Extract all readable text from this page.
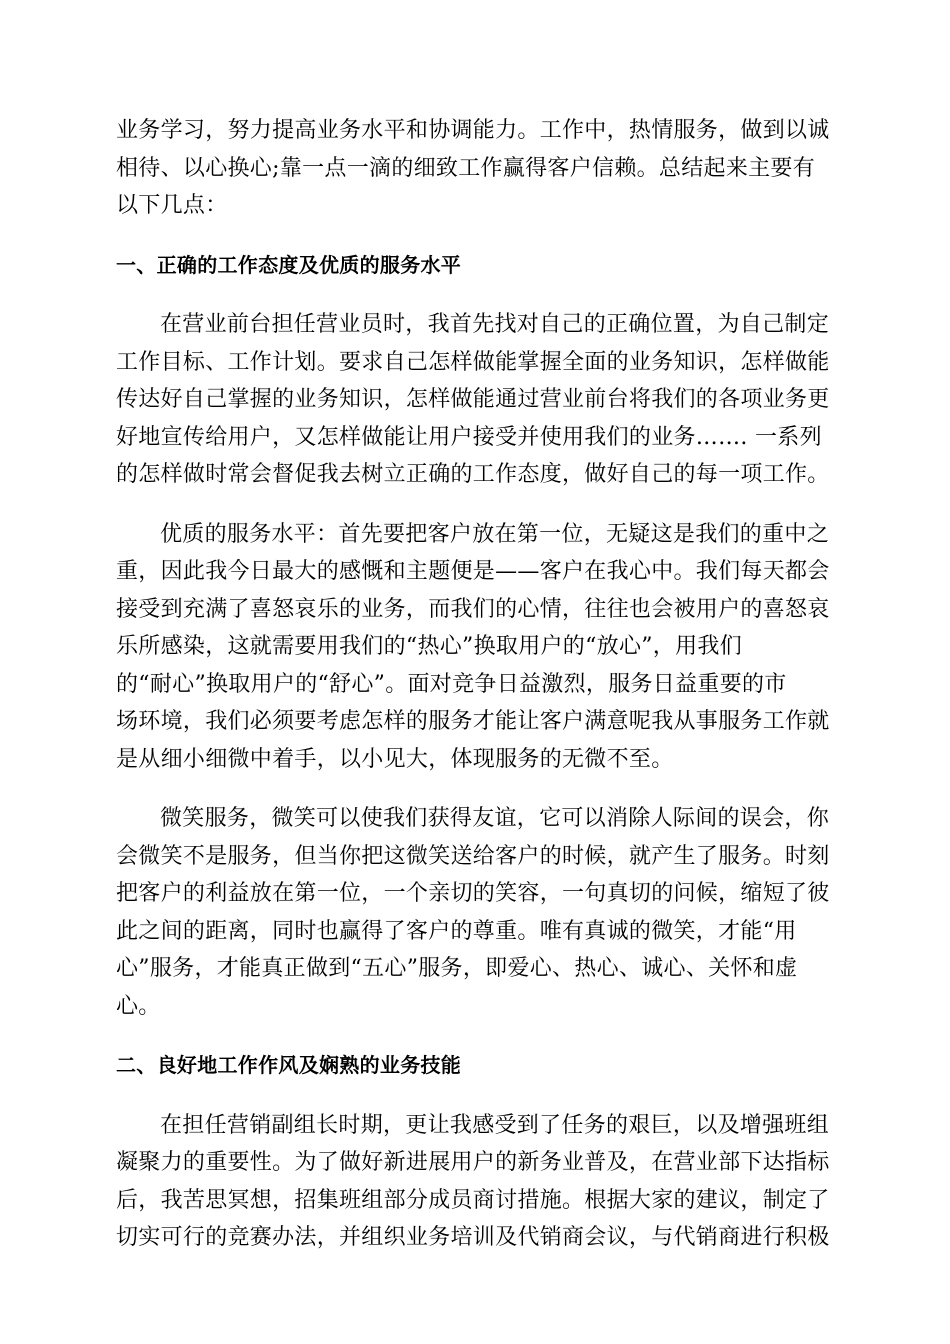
业务学习，努力提高业务水平和协调能力。工作中，热情服务，做到以诚
相待、以心换心;靠一点一滴的细致工作赢得客户信赖。总结起来主要有
以下几点：
一、正确的工作态度及优质的服务水平
在营业前台担任营业员时，我首先找对自己的正确位置，为自己制定
工作目标、工作计划。要求自己怎样做能掌握全面的业务知识，怎样做能
传达好自己掌握的业务知识，怎样做能通过营业前台将我们的各项业务更
好地宣传给用户，又怎样做能让用户接受并使用我们的业务……. 一系列
的怎样做时常会督促我去树立正确的工作态度，做好自己的每一项工作。
优质的服务水平：首先要把客户放在第一位，无疑这是我们的重中之
重，因此我今日最大的感慨和主题便是——客户在我心中。我们每天都会
接受到充满了喜怒哀乐的业务，而我们的心情，往往也会被用户的喜怒哀
乐所感染，这就需要用我们的“热心”换取用户的“放心”，用我们
的“耐心”换取用户的“舒心”。面对竞争日益激烈，服务日益重要的市
场环境，我们必须要考虑怎样的服务才能让客户满意呢我从事服务工作就
是从细小细微中着手，以小见大，体现服务的无微不至。
微笑服务，微笑可以使我们获得友谊，它可以消除人际间的误会，你
会微笑不是服务，但当你把这微笑送给客户的时候，就产生了服务。时刻
把客户的利益放在第一位，一个亲切的笑容，一句真切的问候，缩短了彼
此之间的距离，同时也赢得了客户的尊重。唯有真诚的微笑，才能“用
心”服务，才能真正做到“五心”服务，即爱心、热心、诚心、关怀和虚
心。
二、良好地工作作风及娴熟的业务技能
在担任营销副组长时期，更让我感受到了任务的艰巨，以及增强班组
凝聚力的重要性。为了做好新进展用户的新务业普及，在营业部下达指标
后，我苦思冥想，招集班组部分成员商讨措施。根据大家的建议，制定了
切实可行的竞赛办法，并组织业务培训及代销商会议，与代销商进行积极
